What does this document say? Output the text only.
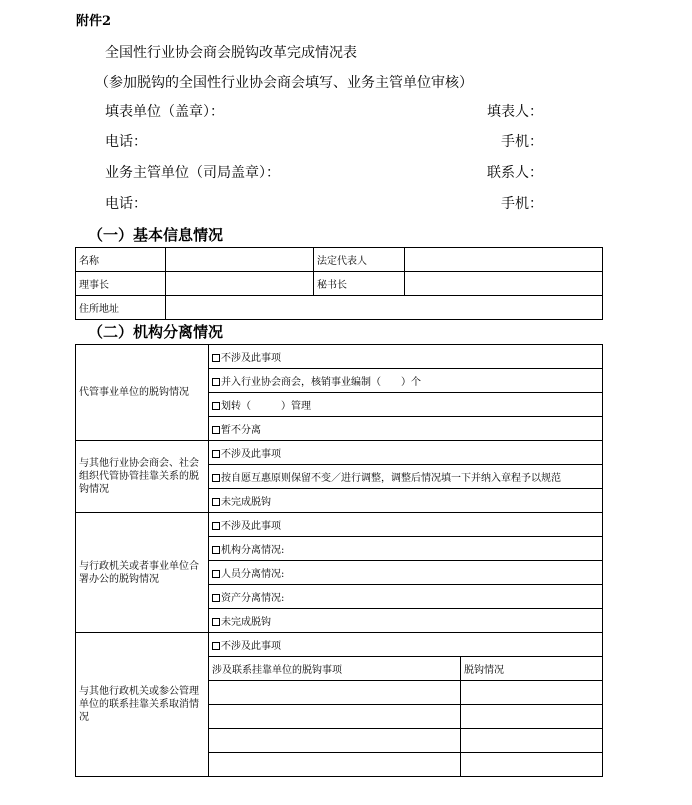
附件2
全国性行业协会商会脱钩改革完成情况表
（参加脱钩的全国性行业协会商会填写、业务主管单位审核）
填表单位（盖章）：	填表人：
电话：	手机：
业务主管单位（司局盖章）：	联系人：
电话：	手机：
（一）基本信息情况
名称		法定代表人	
理事长		秘书长	
住所地址			
（二）机构分离情况
代管事业单位的脱钩情况	不涉及此事项	
	并入行业协会商会，核销事业编制（　　）个	
	划转（　　　）管理	
	暂不分离	
与其他行业协会商会、社会组织代管协管挂靠关系的脱钩情况	不涉及此事项	
	按自愿互惠原则保留不变／进行调整，调整后情况填一下并纳入章程予以规范	
	未完成脱钩	
与行政机关或者事业单位合署办公的脱钩情况	不涉及此事项	
	机构分离情况:	
	人员分离情况:	
	资产分离情况:	
	未完成脱钩	
与其他行政机关或参公管理单位的联系挂靠关系取消情况	不涉及此事项	
	涉及联系挂靠单位的脱钩事项	脱钩情况
